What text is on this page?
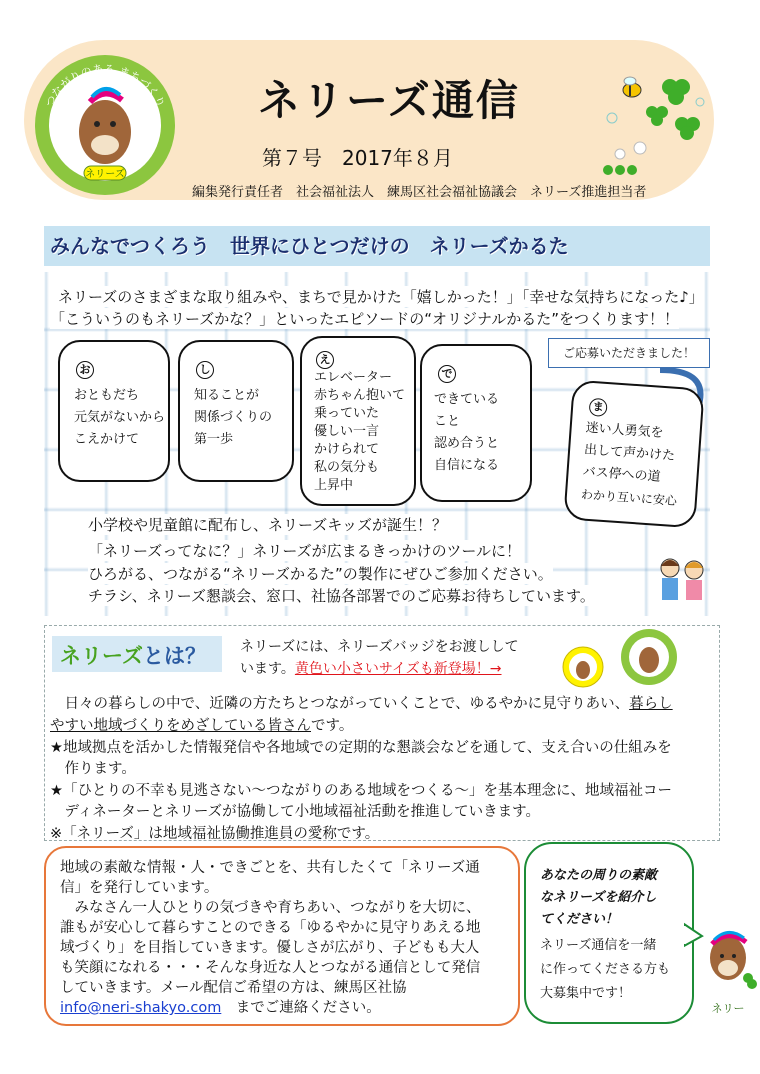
ネリーズ
つながりのある まちづくり ネリーズ通信
第７号　2017年８月
編集発行責任者　社会福祉法人　練馬区社会福祉協議会　ネリーズ推進担当者
みんなでつくろう　世界にひとつだけの　ネリーズかるた
ネリーズのさまざまな取り組みや、まちで見かけた「嬉しかった！」「幸せな気持ちになった♪」
「こういうのもネリーズかな？」といったエピソードの“オリジナルかるた”をつくります！！
ご応募いただきました！
お
おともだち
元気がないから
こえかけて
し
知ることが
関係づくりの
第一歩
え
エレベーター
赤ちゃん抱いて
乗っていた
優しい一言
かけられて
私の気分も
上昇中
で
できている
こと
認め合うと
自信になる
ま
迷い人勇気を
出して声かけた
バス停への道
わかり互いに安心
小学校や児童館に配布し、ネリーズキッズが誕生！？
「ネリーズってなに？」ネリーズが広まるきっかけのツールに！
ひろがる、つながる“ネリーズかるた”の製作にぜひご参加ください。
チラシ、ネリーズ懇談会、窓口、社協各部署でのご応募お待ちしています。
ネリーズとは？ ネリーズには、ネリーズバッジをお渡しして
います。黄色い小さいサイズも新登場！→
　日々の暮らしの中で、近隣の方たちとつながっていくことで、ゆるやかに見守りあい、暮らし
やすい地域づくりをめざしている皆さんです。
★地域拠点を活かした情報発信や各地域での定期的な懇談会などを通して、支え合いの仕組みを
　作ります。
★「ひとりの不幸も見逃さない〜つながりのある地域をつくる〜」を基本理念に、地域福祉コー
　ディネーターとネリーズが協働して小地域福祉活動を推進していきます。
※「ネリーズ」は地域福祉協働推進員の愛称です。
地域の素敵な情報・人・できごとを、共有したくて「ネリーズ通
信」を発行しています。
　みなさん一人ひとりの気づきや育ちあい、つながりを大切に、
誰もが安心して暮らすことのできる「ゆるやかに見守りあえる地
域づくり」を目指していきます。優しさが広がり、子どもも大人
も笑顔になれる・・・そんな身近な人とつながる通信として発信
していきます。メール配信ご希望の方は、練馬区社協
info@neri-shakyo.com　までご連絡ください。
あなたの周りの素敵
なネリーズを紹介し
てください！
ネリーズ通信を一緒
に作ってくださる方も
大募集中です！
ネリー
